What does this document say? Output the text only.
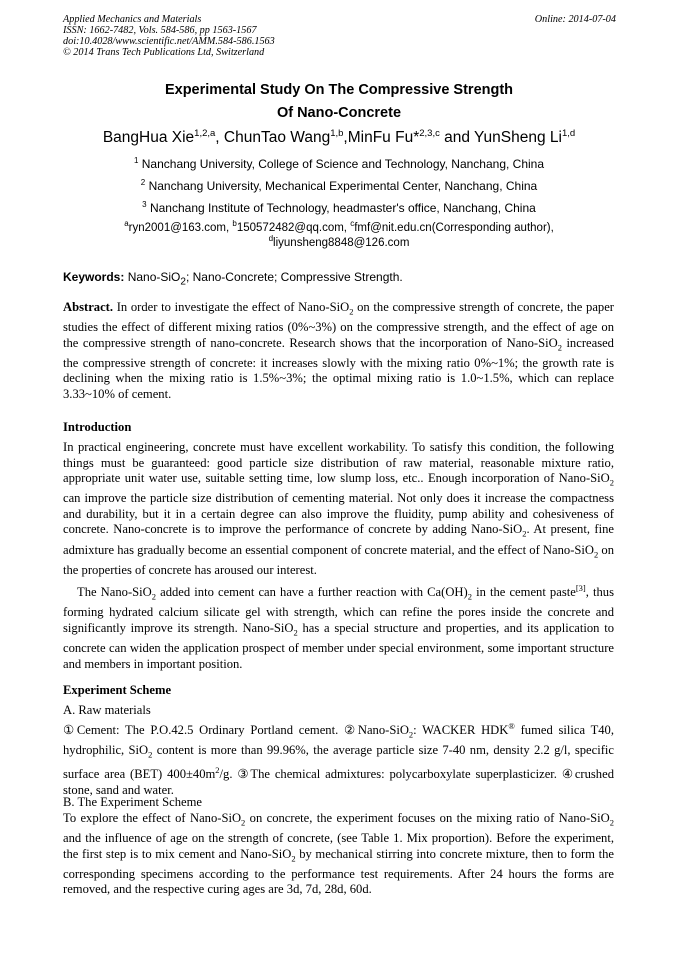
Applied Mechanics and Materials
ISSN: 1662-7482, Vols. 584-586, pp 1563-1567
doi:10.4028/www.scientific.net/AMM.584-586.1563
© 2014 Trans Tech Publications Ltd, Switzerland
Online: 2014-07-04
Experimental Study On The Compressive Strength
Of Nano-Concrete
BangHua Xie$^{1,2,a}$, ChunTao Wang$^{1,b}$,MinFu Fu*$^{2,3,c}$ and YunSheng Li$^{1,d}$
$^1$ Nanchang University, College of Science and Technology, Nanchang, China
$^2$ Nanchang University, Mechanical Experimental Center, Nanchang, China
$^3$ Nanchang Institute of Technology, headmaster's office, Nanchang, China
$^a$ryn2001@163.com, $^b$150572482@qq.com, $^c$fmf@nit.edu.cn(Corresponding author),
$^d$liyunsheng8848@126.com
Keywords: Nano-SiO$_2$; Nano-Concrete; Compressive Strength.
Abstract. In order to investigate the effect of Nano-SiO$_2$ on the compressive strength of concrete, the paper studies the effect of different mixing ratios (0%~3%) on the compressive strength, and the effect of age on the compressive strength of nano-concrete. Research shows that the incorporation of Nano-SiO$_2$ increased the compressive strength of concrete: it increases slowly with the mixing ratio 0%~1%; the growth rate is declining when the mixing ratio is 1.5%~3%; the optimal mixing ratio is 1.0~1.5%, which can replace 3.33~10% of cement.
Introduction
In practical engineering, concrete must have excellent workability. To satisfy this condition, the following things must be guaranteed: good particle size distribution of raw material, reasonable mixture ratio, appropriate unit water use, suitable setting time, low slump loss, etc.. Enough incorporation of Nano-SiO$_2$ can improve the particle size distribution of cementing material. Not only does it increase the compactness and durability, but it in a certain degree can also improve the fluidity, pump ability and cohesiveness of concrete. Nano-concrete is to improve the performance of concrete by adding Nano-SiO$_2$. At present, fine admixture has gradually become an essential component of concrete material, and the effect of Nano-SiO$_2$ on the properties of concrete has aroused our interest.
The Nano-SiO$_2$ added into cement can have a further reaction with $Ca(OH)_2$ in the cement paste[3], thus forming hydrated calcium silicate gel with strength, which can refine the pores inside the concrete and significantly improve its strength. Nano-SiO$_2$ has a special structure and properties, and its application to concrete can widen the application prospect of member under special environment, some important structure and members in important position.
Experiment Scheme
A. Raw materials
①Cement: The P.O.42.5 Ordinary Portland cement. ②Nano-SiO$_2$: WACKER HDK® fumed silica T40, hydrophilic, SiO$_2$ content is more than 99.96%, the average particle size 7-40 nm, density 2.2 g/l, specific surface area (BET) $400\pm 40m^2/g$. ③The chemical admixtures: polycarboxylate superplasticizer. ④crushed stone, sand and water.
B. The Experiment Scheme
To explore the effect of Nano-SiO$_2$ on concrete, the experiment focuses on the mixing ratio of Nano-SiO$_2$ and the influence of age on the strength of concrete, (see Table 1. Mix proportion). Before the experiment, the first step is to mix cement and Nano-SiO$_2$ by mechanical stirring into concrete mixture, then to form the corresponding specimens according to the performance test requirements. After 24 hours the forms are removed, and the respective curing ages are 3d, 7d, 28d, 60d.
